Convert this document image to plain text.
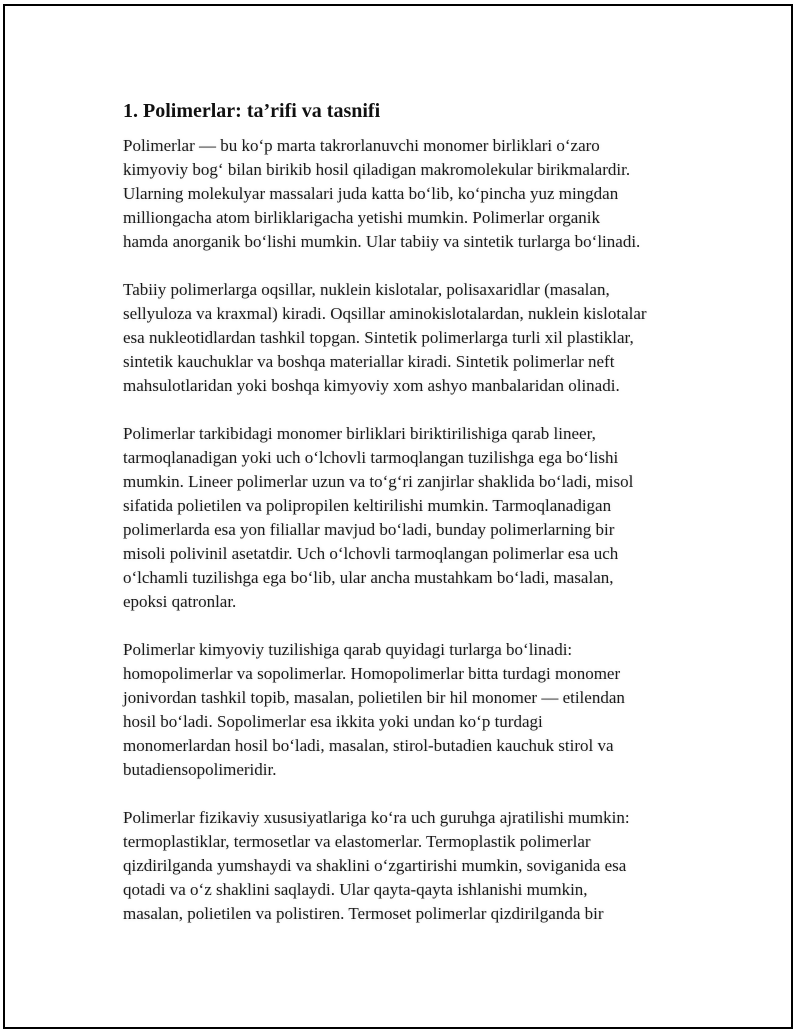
1. Polimerlar: ta’rifi va tasnifi

Polimerlar — bu ko‘p marta takrorlanuvchi monomer birliklari o‘zaro
kimyoviy bog‘ bilan birikib hosil qiladigan makromolekular birikmalardir.
Ularning molekulyar massalari juda katta bo‘lib, ko‘pincha yuz mingdan
milliongacha atom birliklarigacha yetishi mumkin. Polimerlar organik
hamda anorganik bo‘lishi mumkin. Ular tabiiy va sintetik turlarga bo‘linadi.

Tabiiy polimerlarga oqsillar, nuklein kislotalar, polisaxaridlar (masalan,
sellyuloza va kraxmal) kiradi. Oqsillar aminokislotalardan, nuklein kislotalar
esa nukleotidlardan tashkil topgan. Sintetik polimerlarga turli xil plastiklar,
sintetik kauchuklar va boshqa materiallar kiradi. Sintetik polimerlar neft
mahsulotlaridan yoki boshqa kimyoviy xom ashyo manbalaridan olinadi.

Polimerlar tarkibidagi monomer birliklari biriktirilishiga qarab lineer,
tarmoqlanadigan yoki uch o‘lchovli tarmoqlangan tuzilishga ega bo‘lishi
mumkin. Lineer polimerlar uzun va to‘g‘ri zanjirlar shaklida bo‘ladi, misol
sifatida polietilen va polipropilen keltirilishi mumkin. Tarmoqlanadigan
polimerlarda esa yon filiallar mavjud bo‘ladi, bunday polimerlarning bir
misoli polivinil asetatdir. Uch o‘lchovli tarmoqlangan polimerlar esa uch
o‘lchamli tuzilishga ega bo‘lib, ular ancha mustahkam bo‘ladi, masalan,
epoksi qatronlar.

Polimerlar kimyoviy tuzilishiga qarab quyidagi turlarga bo‘linadi:
homopolimerlar va sopolimerlar. Homopolimerlar bitta turdagi monomer
jonivordan tashkil topib, masalan, polietilen bir hil monomer — etilendan
hosil bo‘ladi. Sopolimerlar esa ikkita yoki undan ko‘p turdagi
monomerlardan hosil bo‘ladi, masalan, stirol-butadien kauchuk stirol va
butadiensopolimeridir.

Polimerlar fizikaviy xususiyatlariga ko‘ra uch guruhga ajratilishi mumkin:
termoplastiklar, termosetlar va elastomerlar. Termoplastik polimerlar
qizdirilganda yumshaydi va shaklini o‘zgartirishi mumkin, soviganida esa
qotadi va o‘z shaklini saqlaydi. Ular qayta-qayta ishlanishi mumkin,
masalan, polietilen va polistiren. Termoset polimerlar qizdirilganda bir
